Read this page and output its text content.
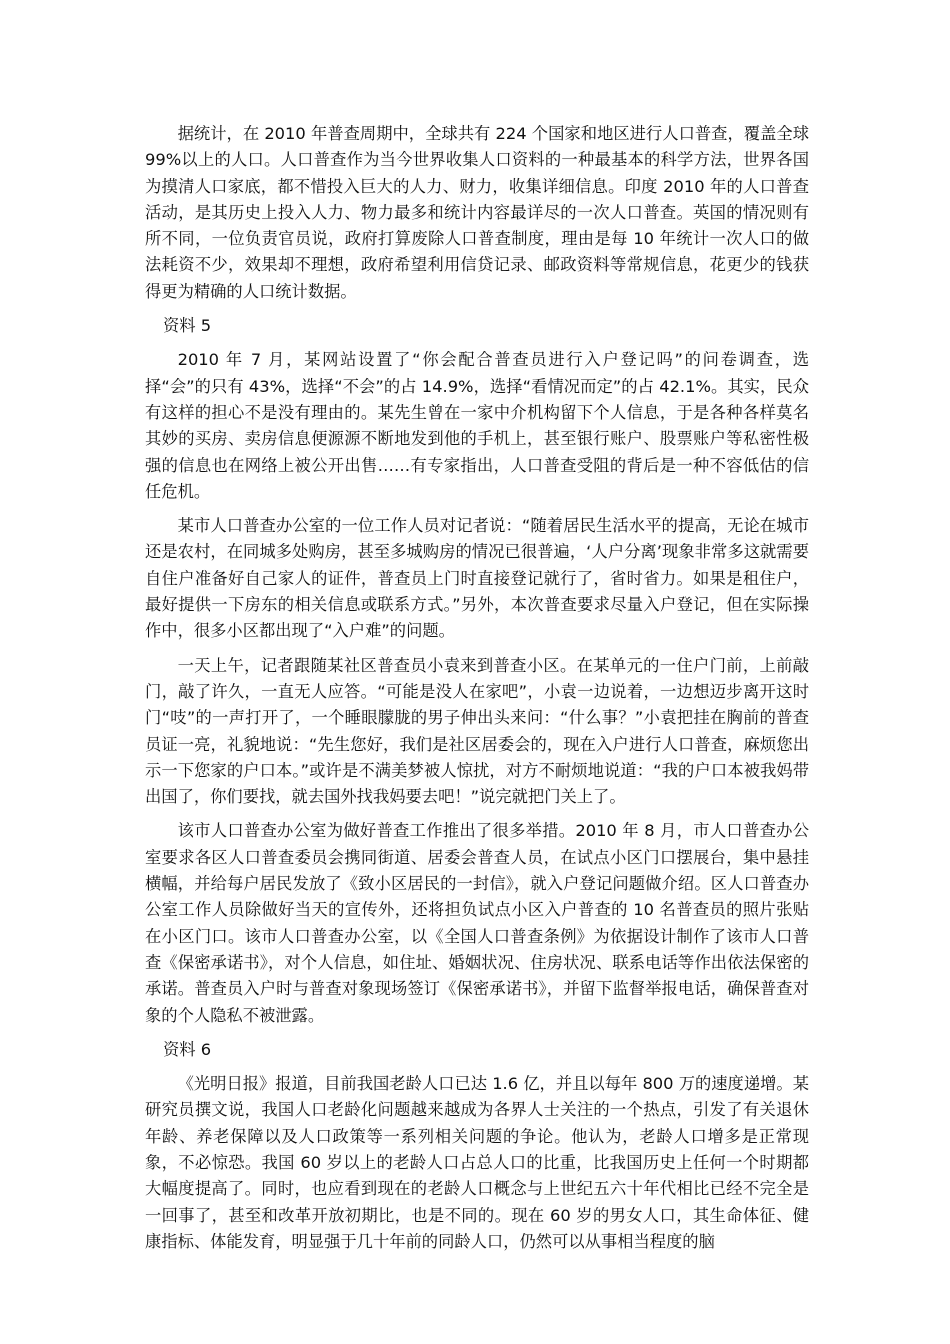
据统计，在 2010 年普查周期中，全球共有 224 个国家和地区进行人口普查，覆盖全球 99%以上的人口。人口普查作为当今世界收集人口资料的一种最基本的科学方法，世界各国为摸清人口家底，都不惜投入巨大的人力、财力，收集详细信息。印度 2010 年的人口普查活动，是其历史上投入人力、物力最多和统计内容最详尽的一次人口普查。英国的情况则有所不同，一位负责官员说，政府打算废除人口普查制度，理由是每 10 年统计一次人口的做法耗资不少，效果却不理想，政府希望利用信贷记录、邮政资料等常规信息，花更少的钱获得更为精确的人口统计数据。

资料 5

2010 年 7 月，某网站设置了“你会配合普查员进行入户登记吗”的问卷调查，选择“会”的只有 43%，选择“不会”的占 14.9%，选择“看情况而定”的占 42.1%。其实，民众有这样的担心不是没有理由的。某先生曾在一家中介机构留下个人信息，于是各种各样莫名其妙的买房、卖房信息便源源不断地发到他的手机上，甚至银行账户、股票账户等私密性极强的信息也在网络上被公开出售……有专家指出，人口普查受阻的背后是一种不容低估的信任危机。

某市人口普查办公室的一位工作人员对记者说：“随着居民生活水平的提高，无论在城市还是农村，在同城多处购房，甚至多城购房的情况已很普遍，‘人户分离’现象非常多这就需要自住户准备好自己家人的证件，普查员上门时直接登记就行了，省时省力。如果是租住户，最好提供一下房东的相关信息或联系方式。”另外，本次普查要求尽量入户登记，但在实际操作中，很多小区都出现了“入户难”的问题。

一天上午，记者跟随某社区普查员小袁来到普查小区。在某单元的一住户门前，上前敲门，敲了许久，一直无人应答。“可能是没人在家吧”，小袁一边说着，一边想迈步离开这时门“吱”的一声打开了，一个睡眼朦胧的男子伸出头来问：“什么事？”小袁把挂在胸前的普查员证一亮，礼貌地说：“先生您好，我们是社区居委会的，现在入户进行人口普查，麻烦您出示一下您家的户口本。”或许是不满美梦被人惊扰，对方不耐烦地说道：“我的户口本被我妈带出国了，你们要找，就去国外找我妈要去吧！”说完就把门关上了。

该市人口普查办公室为做好普查工作推出了很多举措。2010 年 8 月，市人口普查办公室要求各区人口普查委员会携同街道、居委会普查人员，在试点小区门口摆展台，集中悬挂横幅，并给每户居民发放了《致小区居民的一封信》，就入户登记问题做介绍。区人口普查办公室工作人员除做好当天的宣传外，还将担负试点小区入户普查的 10 名普查员的照片张贴在小区门口。该市人口普查办公室，以《全国人口普查条例》为依据设计制作了该市人口普查《保密承诺书》，对个人信息，如住址、婚姻状况、住房状况、联系电话等作出依法保密的承诺。普查员入户时与普查对象现场签订《保密承诺书》，并留下监督举报电话，确保普查对象的个人隐私不被泄露。

资料 6

《光明日报》报道，目前我国老龄人口已达 1.6 亿，并且以每年 800 万的速度递增。某研究员撰文说，我国人口老龄化问题越来越成为各界人士关注的一个热点，引发了有关退休年龄、养老保障以及人口政策等一系列相关问题的争论。他认为，老龄人口增多是正常现象，不必惊恐。我国 60 岁以上的老龄人口占总人口的比重，比我国历史上任何一个时期都大幅度提高了。同时，也应看到现在的老龄人口概念与上世纪五六十年代相比已经不完全是一回事了，甚至和改革开放初期比，也是不同的。现在 60 岁的男女人口，其生命体征、健康指标、体能发育，明显强于几十年前的同龄人口，仍然可以从事相当程度的脑
